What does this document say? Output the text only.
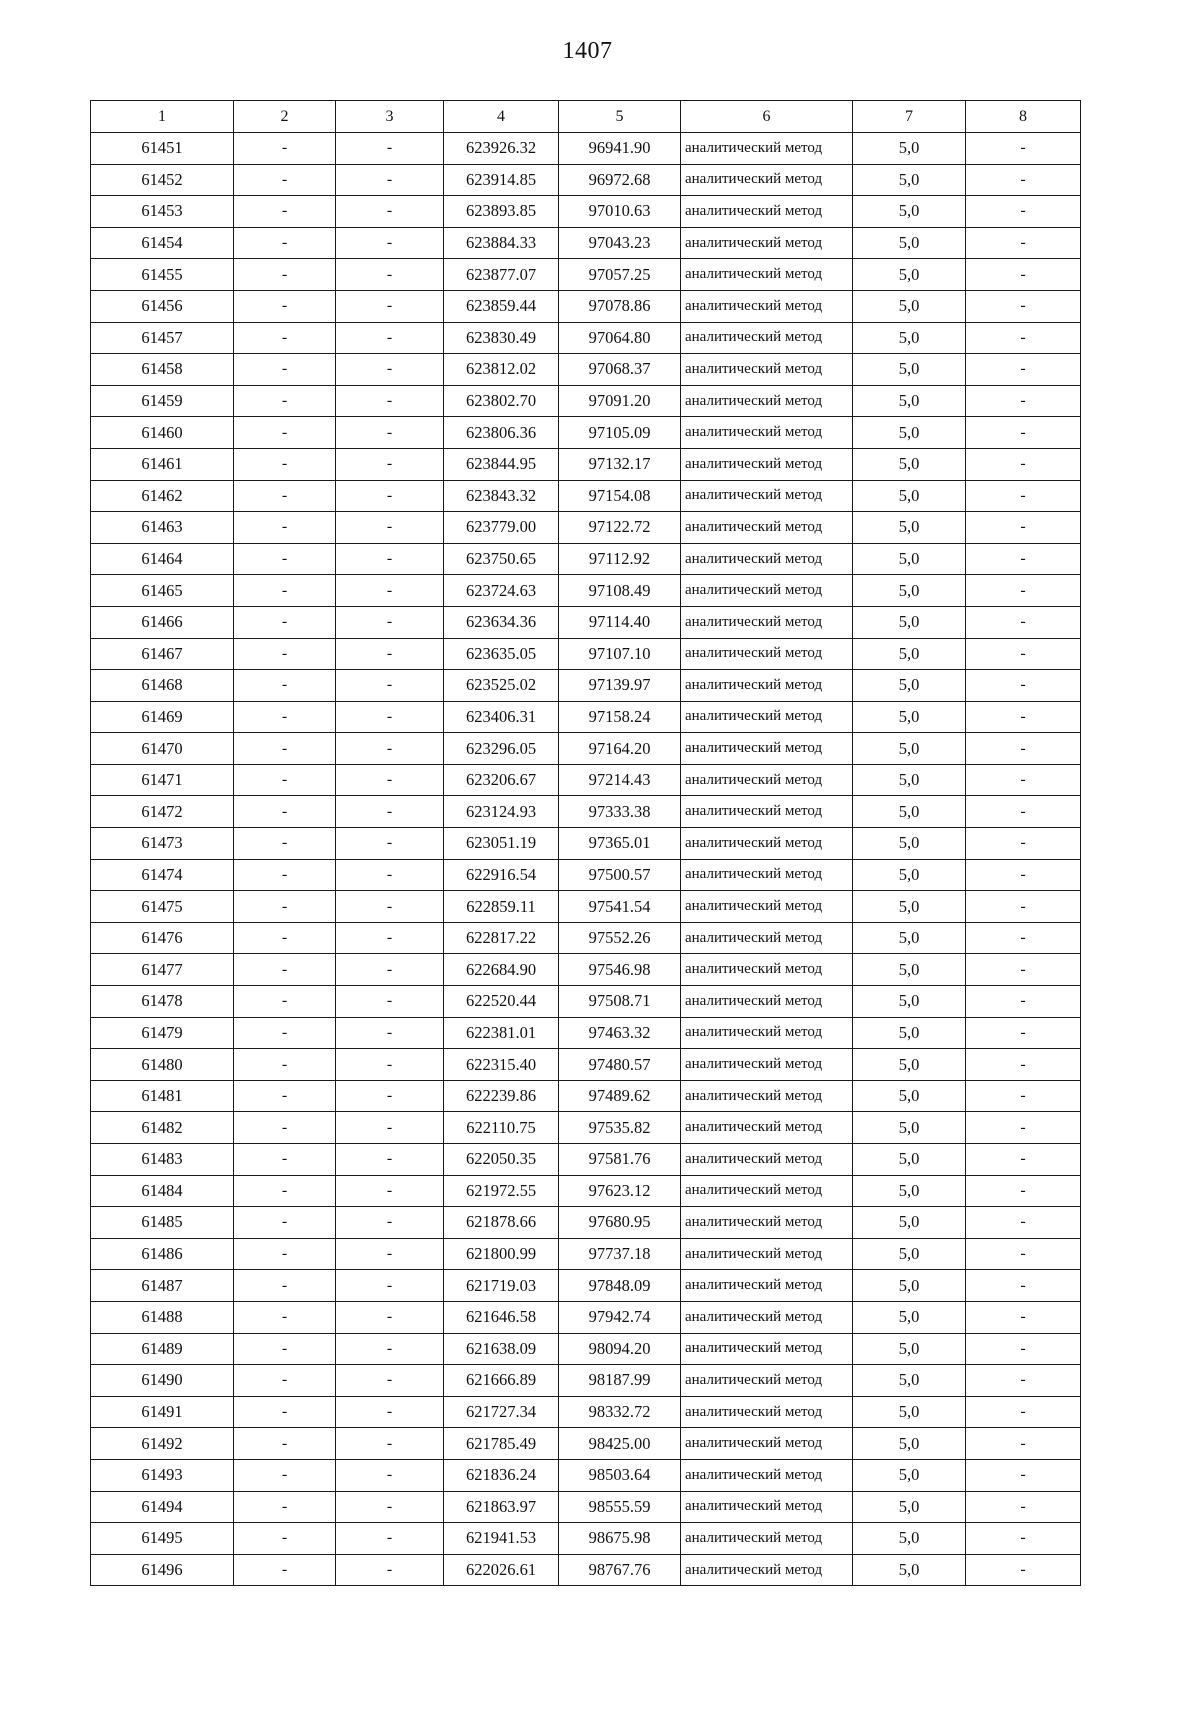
1407
1	2	3	4	5	6	7	8
61451	-	-	623926.32	96941.90	аналитический метод	5,0	-
61452	-	-	623914.85	96972.68	аналитический метод	5,0	-
61453	-	-	623893.85	97010.63	аналитический метод	5,0	-
61454	-	-	623884.33	97043.23	аналитический метод	5,0	-
61455	-	-	623877.07	97057.25	аналитический метод	5,0	-
61456	-	-	623859.44	97078.86	аналитический метод	5,0	-
61457	-	-	623830.49	97064.80	аналитический метод	5,0	-
61458	-	-	623812.02	97068.37	аналитический метод	5,0	-
61459	-	-	623802.70	97091.20	аналитический метод	5,0	-
61460	-	-	623806.36	97105.09	аналитический метод	5,0	-
61461	-	-	623844.95	97132.17	аналитический метод	5,0	-
61462	-	-	623843.32	97154.08	аналитический метод	5,0	-
61463	-	-	623779.00	97122.72	аналитический метод	5,0	-
61464	-	-	623750.65	97112.92	аналитический метод	5,0	-
61465	-	-	623724.63	97108.49	аналитический метод	5,0	-
61466	-	-	623634.36	97114.40	аналитический метод	5,0	-
61467	-	-	623635.05	97107.10	аналитический метод	5,0	-
61468	-	-	623525.02	97139.97	аналитический метод	5,0	-
61469	-	-	623406.31	97158.24	аналитический метод	5,0	-
61470	-	-	623296.05	97164.20	аналитический метод	5,0	-
61471	-	-	623206.67	97214.43	аналитический метод	5,0	-
61472	-	-	623124.93	97333.38	аналитический метод	5,0	-
61473	-	-	623051.19	97365.01	аналитический метод	5,0	-
61474	-	-	622916.54	97500.57	аналитический метод	5,0	-
61475	-	-	622859.11	97541.54	аналитический метод	5,0	-
61476	-	-	622817.22	97552.26	аналитический метод	5,0	-
61477	-	-	622684.90	97546.98	аналитический метод	5,0	-
61478	-	-	622520.44	97508.71	аналитический метод	5,0	-
61479	-	-	622381.01	97463.32	аналитический метод	5,0	-
61480	-	-	622315.40	97480.57	аналитический метод	5,0	-
61481	-	-	622239.86	97489.62	аналитический метод	5,0	-
61482	-	-	622110.75	97535.82	аналитический метод	5,0	-
61483	-	-	622050.35	97581.76	аналитический метод	5,0	-
61484	-	-	621972.55	97623.12	аналитический метод	5,0	-
61485	-	-	621878.66	97680.95	аналитический метод	5,0	-
61486	-	-	621800.99	97737.18	аналитический метод	5,0	-
61487	-	-	621719.03	97848.09	аналитический метод	5,0	-
61488	-	-	621646.58	97942.74	аналитический метод	5,0	-
61489	-	-	621638.09	98094.20	аналитический метод	5,0	-
61490	-	-	621666.89	98187.99	аналитический метод	5,0	-
61491	-	-	621727.34	98332.72	аналитический метод	5,0	-
61492	-	-	621785.49	98425.00	аналитический метод	5,0	-
61493	-	-	621836.24	98503.64	аналитический метод	5,0	-
61494	-	-	621863.97	98555.59	аналитический метод	5,0	-
61495	-	-	621941.53	98675.98	аналитический метод	5,0	-
61496	-	-	622026.61	98767.76	аналитический метод	5,0	-
